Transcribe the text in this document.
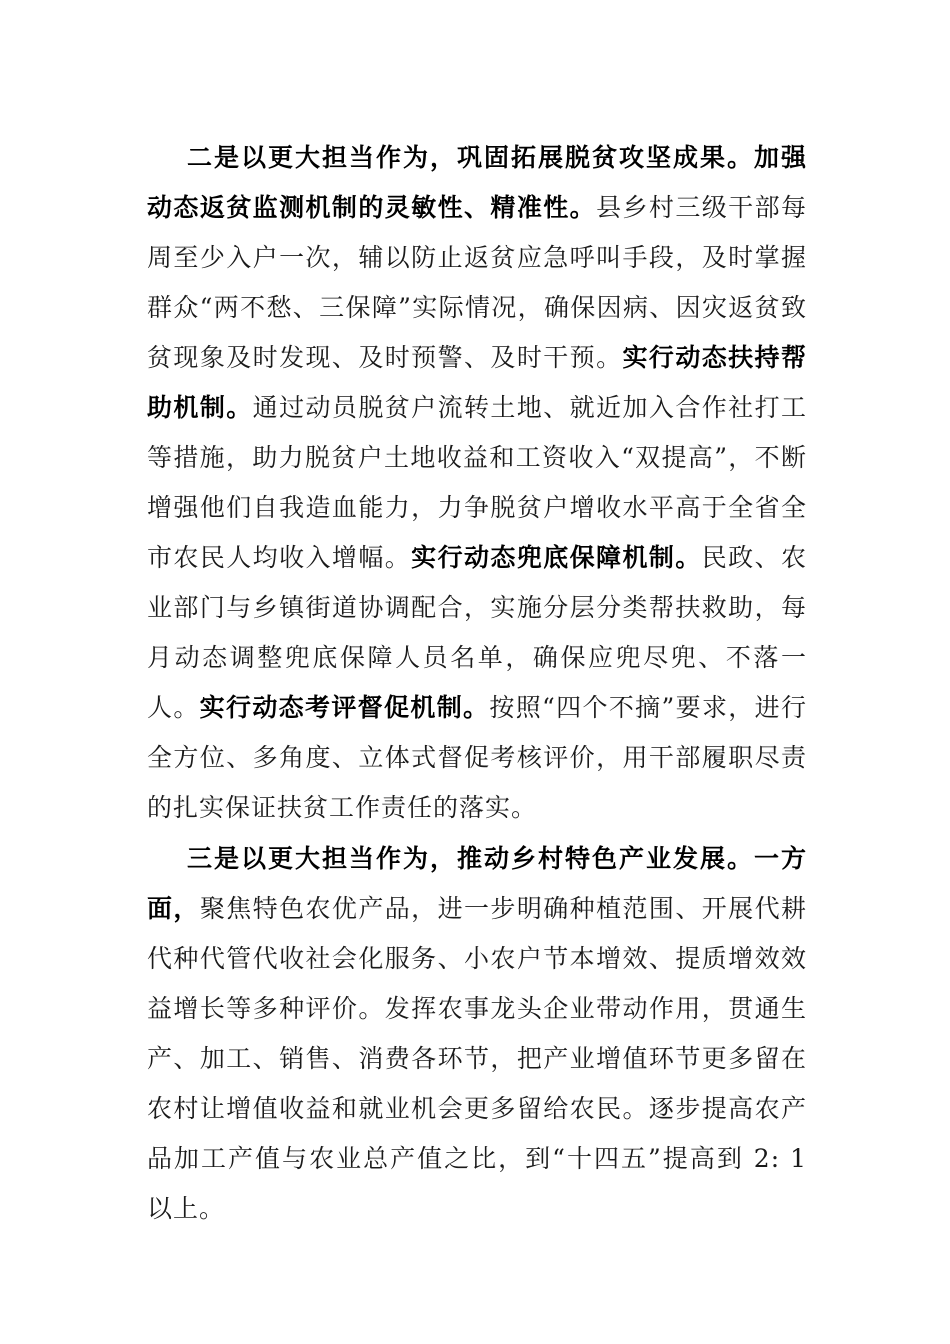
二是以更大担当作为，巩固拓展脱贫攻坚成果。加强动态返贫监测机制的灵敏性、精准性。县乡村三级干部每周至少入户一次，辅以防止返贫应急呼叫手段，及时掌握群众“两不愁、三保障”实际情况，确保因病、因灾返贫致贫现象及时发现、及时预警、及时干预。实行动态扶持帮助机制。通过动员脱贫户流转土地、就近加入合作社打工等措施，助力脱贫户土地收益和工资收入“双提高”，不断增强他们自我造血能力，力争脱贫户增收水平高于全省全市农民人均收入增幅。实行动态兜底保障机制。民政、农业部门与乡镇街道协调配合，实施分层分类帮扶救助，每月动态调整兜底保障人员名单，确保应兜尽兜、不落一人。实行动态考评督促机制。按照“四个不摘”要求，进行全方位、多角度、立体式督促考核评价，用干部履职尽责的扎实保证扶贫工作责任的落实。

三是以更大担当作为，推动乡村特色产业发展。一方面，聚焦特色农优产品，进一步明确种植范围、开展代耕代种代管代收社会化服务、小农户节本增效、提质增效效益增长等多种评价。发挥农事龙头企业带动作用，贯通生产、加工、销售、消费各环节，把产业增值环节更多留在农村让增值收益和就业机会更多留给农民。逐步提高农产品加工产值与农业总产值之比，到“十四五”提高到 2: 1 以上。
